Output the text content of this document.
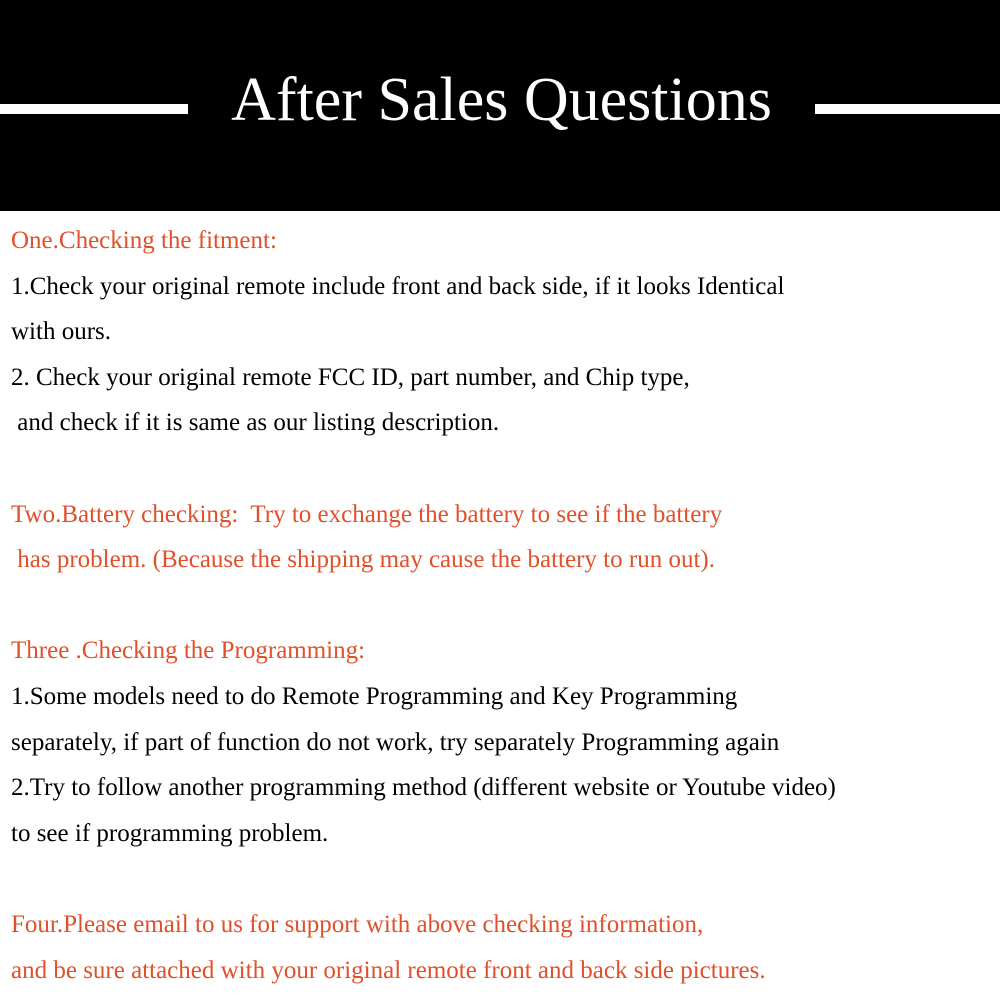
After Sales Questions
One.Checking the fitment:
1.Check your original remote include front and back side, if it looks Identical
with ours.
2. Check your original remote FCC ID, part number, and Chip type,
and check if it is same as our listing description.
Two.Battery checking:  Try to exchange the battery to see if the battery
has problem. (Because the shipping may cause the battery to run out).
Three .Checking the Programming:
1.Some models need to do Remote Programming and Key Programming
separately, if part of function do not work, try separately Programming again
2.Try to follow another programming method (different website or Youtube video)
to see if programming problem.
Four.Please email to us for support with above checking information,
and be sure attached with your original remote front and back side pictures.
